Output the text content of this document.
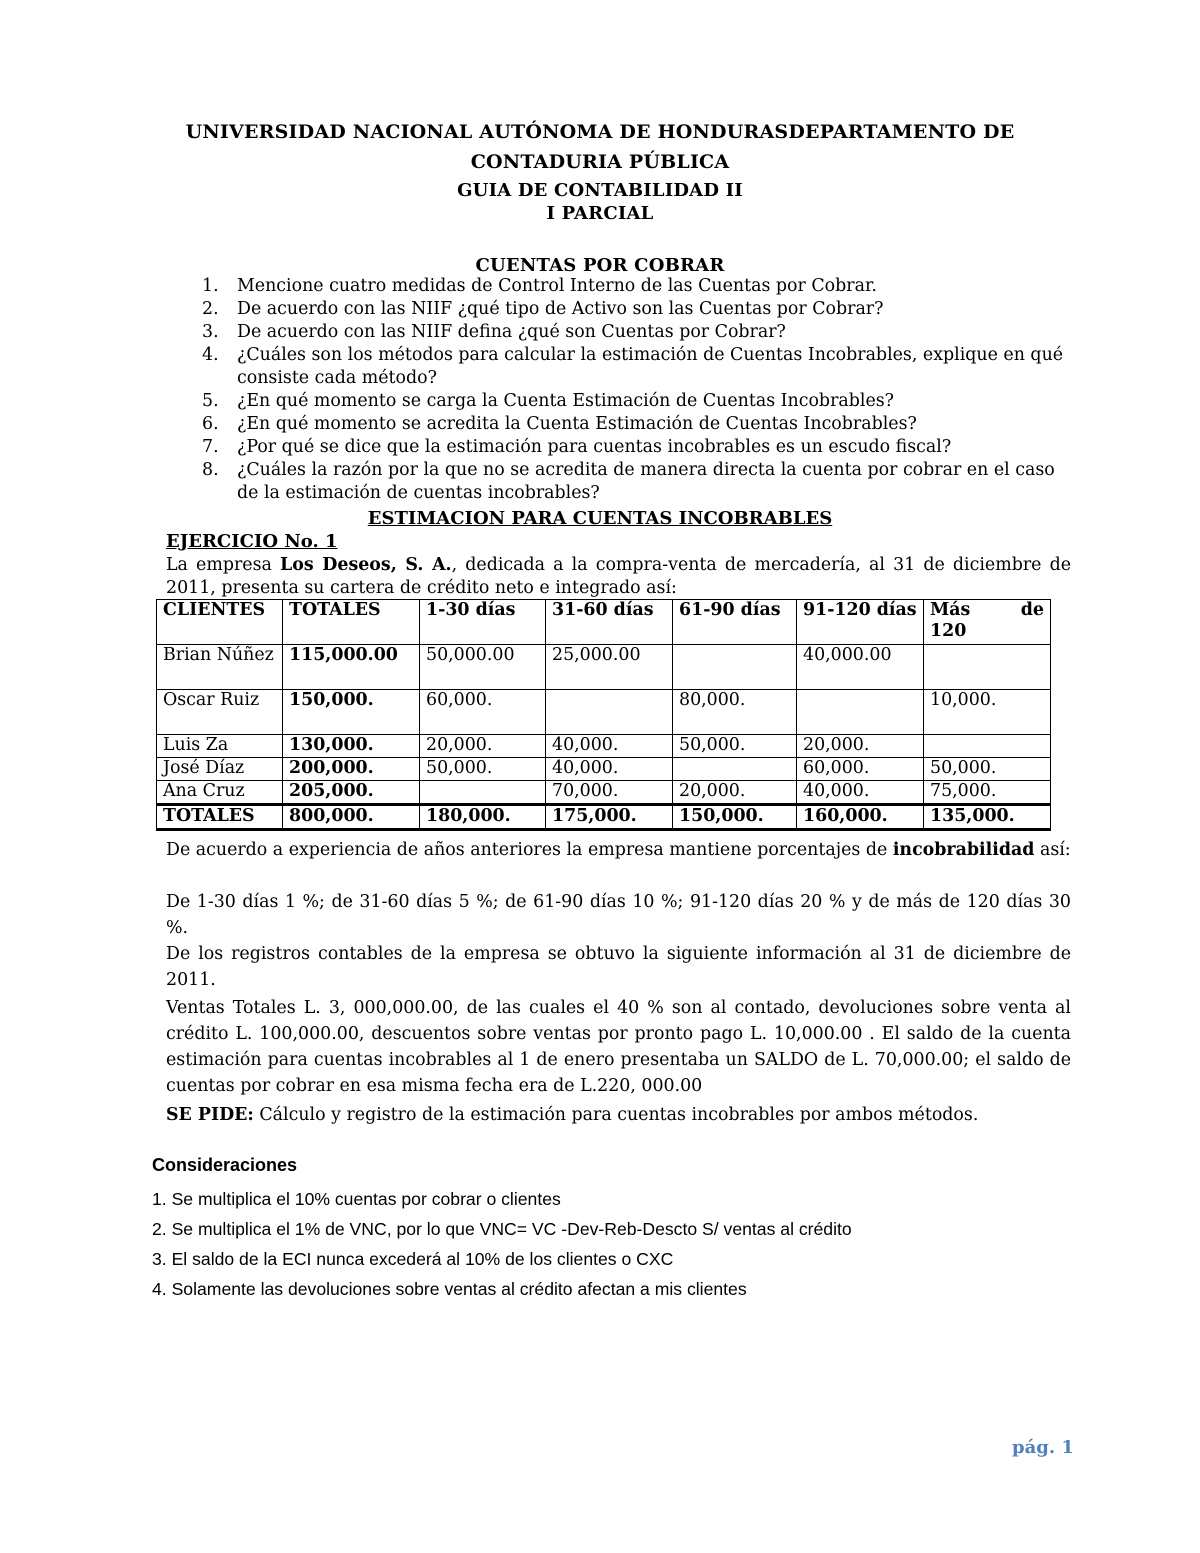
UNIVERSIDAD NACIONAL AUTÓNOMA DE HONDURASDEPARTAMENTO DE
CONTADURIA PÚBLICA
GUIA DE CONTABILIDAD II
I PARCIAL
CUENTAS POR COBRAR
1. Mencione cuatro medidas de Control Interno de las Cuentas por Cobrar.
2. De acuerdo con las NIIF ¿qué tipo de Activo son las Cuentas por Cobrar?
3. De acuerdo con las NIIF defina ¿qué son Cuentas por Cobrar?
4. ¿Cuáles son los métodos para calcular la estimación de Cuentas Incobrables, explique en qué consiste cada método?
5. ¿En qué momento se carga la Cuenta Estimación de Cuentas Incobrables?
6. ¿En qué momento se acredita la Cuenta Estimación de Cuentas Incobrables?
7. ¿Por qué se dice que la estimación para cuentas incobrables es un escudo fiscal?
8. ¿Cuáles la razón por la que no se acredita de manera directa la cuenta por cobrar en el caso de la estimación de cuentas incobrables?
ESTIMACION PARA CUENTAS INCOBRABLES
EJERCICIO No. 1
La empresa Los Deseos, S. A., dedicada a la compra-venta de mercadería, al 31 de diciembre de 2011, presenta su cartera de crédito neto e integrado así:
CLIENTES	TOTALES	1-30 días	31-60 días	61-90 días	91-120 días	Más de
120

Brian Núñez	115,000.00	50,000.00	25,000.00		40,000.00	
Oscar Ruiz	150,000.	60,000.		80,000.		10,000.
Luis Za	130,000.	20,000.	40,000.	50,000.	20,000.	
José Díaz	200,000.	50,000.	40,000.		60,000.	50,000.
Ana Cruz	205,000.		70,000.	20,000.	40,000.	75,000.
TOTALES	800,000.	180,000.	175,000.	150,000.	160,000.	135,000.
De acuerdo a experiencia de años anteriores la empresa mantiene porcentajes de incobrabilidad así:
De 1-30 días 1 %; de 31-60 días 5 %; de 61-90 días 10 %; 91-120 días 20 % y de más de 120 días 30 %.
De los registros contables de la empresa se obtuvo la siguiente información al 31 de diciembre de 2011.
Ventas Totales L. 3, 000,000.00, de las cuales el 40 % son al contado, devoluciones sobre venta al crédito L. 100,000.00, descuentos sobre ventas por pronto pago L. 10,000.00 . El saldo de la cuenta estimación para cuentas incobrables al 1 de enero presentaba un SALDO de L. 70,000.00; el saldo de cuentas por cobrar en esa misma fecha era de L.220, 000.00
SE PIDE: Cálculo y registro de la estimación para cuentas incobrables por ambos métodos.
Consideraciones
1. Se multiplica el 10% cuentas por cobrar o clientes
2. Se multiplica el 1% de VNC, por lo que VNC= VC -Dev-Reb-Descto S/ ventas al crédito
3. El saldo de la ECI nunca excederá al 10% de los clientes o CXC
4. Solamente las devoluciones sobre ventas al crédito afectan a mis clientes
pág. 1
